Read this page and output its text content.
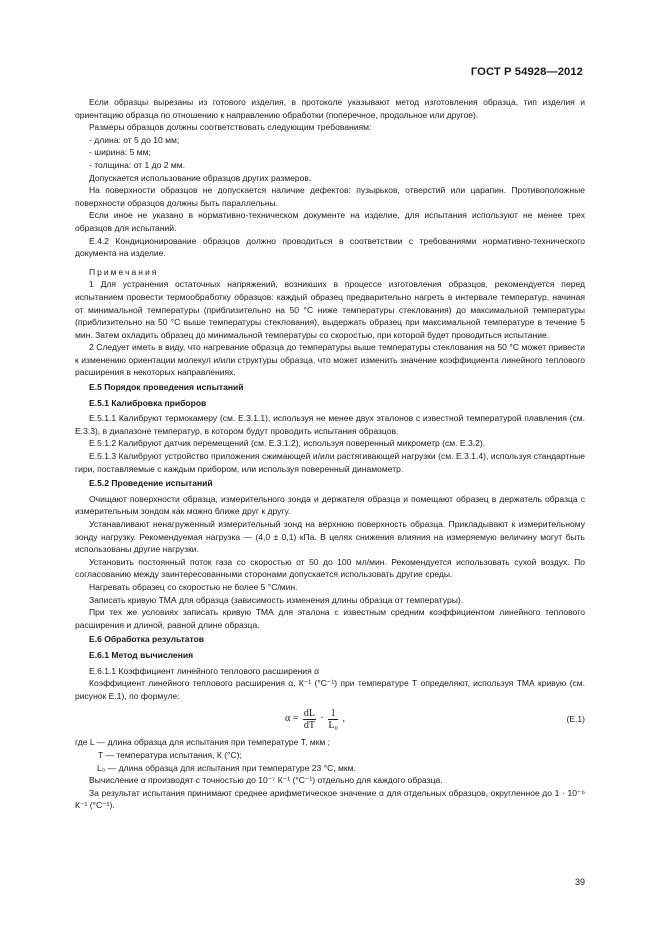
ГОСТ Р 54928—2012

Если образцы вырезаны из готового изделия, в протоколе указывают метод изготовления образца, тип изделия и ориентацию образца по отношению к направлению обработки (поперечное, продольное или другое).

Размеры образцов должны соответствовать следующим требованиям:

- длина: от 5 до 10 мм;

- ширина: 5 мм;

- толщина: от 1 до 2 мм.

Допускается использование образцов других размеров.

На поверхности образцов не допускается наличие дефектов: пузырьков, отверстий или царапин. Противоположные поверхности образцов должны быть параллельны.

Если иное не указано в нормативно-техническом документе на изделие, для испытания используют не менее трех образцов для испытаний.

Е.4.2 Кондиционирование образцов должно проводиться в соответствии с требованиями нормативно-технического документа на изделие.

Примечания

1 Для устранения остаточных напряжений, возникших в процессе изготовления образцов, рекомендуется перед испытанием провести термообработку образцов: каждый образец предварительно нагреть в интервале температур, начиная от минимальной температуры (приблизительно на 50 °С ниже температуры стеклования) до максимальной температуры (приблизительно на 50 °С выше температуры стеклования), выдержать образец при максимальной температуре в течение 5 мин. Затем охладить образец до минимальной температуры со скоростью, при которой будет проводиться испытание.

2 Следует иметь в виду, что нагревание образца до температуры выше температуры стеклования на 50 °С может привести к изменению ориентации молекул и/или структуры образца, что может изменить значение коэффициента линейного теплового расширения в некоторых направлениях.

Е.5 Порядок проведения испытаний

Е.5.1 Калибровка приборов

Е.5.1.1 Калибруют термокамеру (см. Е.3.1.1), используя не менее двух эталонов с известной температурой плавления (см. Е.3.3), в диапазоне температур, в котором будут проводить испытания образцов.

Е.5.1.2 Калибруют датчик перемещений (см. Е.3.1.2), используя поверенный микрометр (см. Е.3.2).

Е.5.1.3 Калибруют устройство приложения сжимающей и/или растягивающей нагрузки (см. Е.3.1.4), используя стандартные гири, поставляемые с каждым прибором, или используя поверенный динамометр.

Е.5.2 Проведение испытаний

Очищают поверхности образца, измерительного зонда и держателя образца и помещают образец в держатель образца с измерительным зондом как можно ближе друг к другу.

Устанавливают ненагруженный измерительный зонд на верхнюю поверхность образца. Прикладывают к измерительному зонду нагрузку. Рекомендуемая нагрузка — (4,0 ± 0,1) кПа. В целях снижения влияния на измеряемую величину могут быть использованы другие нагрузки.

Установить постоянный поток газа со скоростью от 50 до 100 мл/мин. Рекомендуется использовать сухой воздух. По согласованию между заинтересованными сторонами допускается использовать другие среды.

Нагревать образец со скоростью не более 5 °С/мин.

Записать кривую ТМА для образца (зависимость изменения длины образца от температуры).

При тех же условиях записать кривую ТМА для эталона с известным средним коэффициентом линейного теплового расширения и длиной, равной длине образца.

Е.6 Обработка результатов

Е.6.1 Метод вычисления

Е.6.1.1 Коэффициент линейного теплового расширения α

Коэффициент линейного теплового расширения α, К⁻¹ (°С⁻¹) при температуре Т определяют, используя ТМА кривую (см. рисунок Е.1), по формуле:

$\alpha = \frac{dL}{dT} \cdot \frac{1}{\text{L₀}}$ ,	(Е.1)

где L — длина образца для испытания при температуре Т, мкм ;

T — температура испытания, К (°С);

L₀ — длина образца для испытания при температуре 23 °С, мкм.

Вычисление α производят с точностью до 10⁻⁷ К⁻¹ (°С⁻¹) отдельно для каждого образца.

За результат испытания принимают среднее арифметическое значение α для отдельных образцов, округленное до 1 · 10⁻⁶ К⁻¹ (°С⁻¹).

39
